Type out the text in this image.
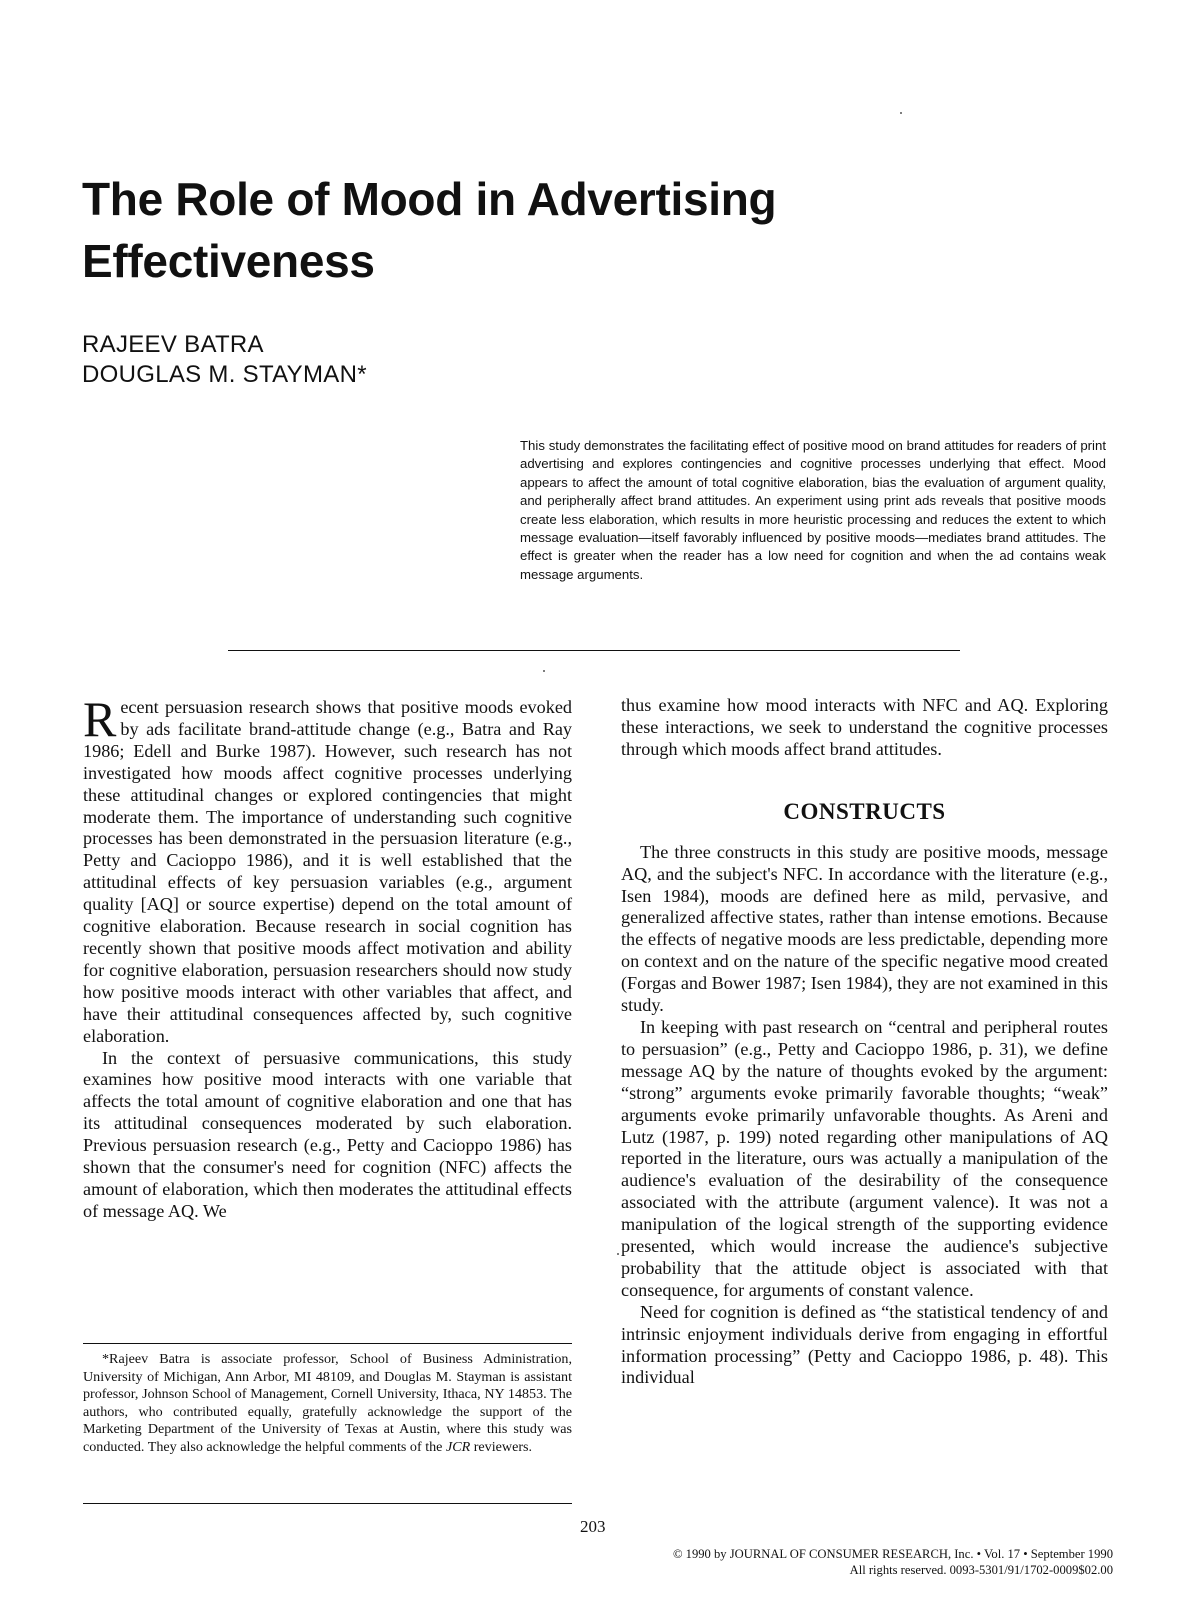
The Role of Mood in Advertising Effectiveness
RAJEEV BATRA
DOUGLAS M. STAYMAN*

This study demonstrates the facilitating effect of positive mood on brand attitudes for readers of print advertising and explores contingencies and cognitive processes underlying that effect. Mood appears to affect the amount of total cognitive elaboration, bias the evaluation of argument quality, and peripherally affect brand attitudes. An experiment using print ads reveals that positive moods create less elaboration, which results in more heuristic processing and reduces the extent to which message evaluation—itself favorably influenced by positive moods—mediates brand attitudes. The effect is greater when the reader has a low need for cognition and when the ad contains weak message arguments.

Recent persuasion research shows that positive moods evoked by ads facilitate brand-attitude change (e.g., Batra and Ray 1986; Edell and Burke 1987). However, such research has not investigated how moods affect cognitive processes underlying these attitudinal changes or explored contingencies that might moderate them. The importance of understanding such cognitive processes has been demonstrated in the persuasion literature (e.g., Petty and Cacioppo 1986), and it is well established that the attitudinal effects of key persuasion variables (e.g., argument quality [AQ] or source expertise) depend on the total amount of cognitive elaboration. Because research in social cognition has recently shown that positive moods affect motivation and ability for cognitive elaboration, persuasion researchers should now study how positive moods interact with other variables that affect, and have their attitudinal consequences affected by, such cognitive elaboration.

In the context of persuasive communications, this study examines how positive mood interacts with one variable that affects the total amount of cognitive elaboration and one that has its attitudinal consequences moderated by such elaboration. Previous persuasion research (e.g., Petty and Cacioppo 1986) has shown that the consumer's need for cognition (NFC) affects the amount of elaboration, which then moderates the attitudinal effects of message AQ. We

thus examine how mood interacts with NFC and AQ. Exploring these interactions, we seek to understand the cognitive processes through which moods affect brand attitudes.

CONSTRUCTS

The three constructs in this study are positive moods, message AQ, and the subject's NFC. In accordance with the literature (e.g., Isen 1984), moods are defined here as mild, pervasive, and generalized affective states, rather than intense emotions. Because the effects of negative moods are less predictable, depending more on context and on the nature of the specific negative mood created (Forgas and Bower 1987; Isen 1984), they are not examined in this study.

In keeping with past research on “central and peripheral routes to persuasion” (e.g., Petty and Cacioppo 1986, p. 31), we define message AQ by the nature of thoughts evoked by the argument: “strong” arguments evoke primarily favorable thoughts; “weak” arguments evoke primarily unfavorable thoughts. As Areni and Lutz (1987, p. 199) noted regarding other manipulations of AQ reported in the literature, ours was actually a manipulation of the audience's evaluation of the desirability of the consequence associated with the attribute (argument valence). It was not a manipulation of the logical strength of the supporting evidence presented, which would increase the audience's subjective probability that the attitude object is associated with that consequence, for arguments of constant valence.

Need for cognition is defined as “the statistical tendency of and intrinsic enjoyment individuals derive from engaging in effortful information processing” (Petty and Cacioppo 1986, p. 48). This individual

*Rajeev Batra is associate professor, School of Business Administration, University of Michigan, Ann Arbor, MI 48109, and Douglas M. Stayman is assistant professor, Johnson School of Management, Cornell University, Ithaca, NY 14853. The authors, who contributed equally, gratefully acknowledge the support of the Marketing Department of the University of Texas at Austin, where this study was conducted. They also acknowledge the helpful comments of the JCR reviewers.

203
© 1990 by JOURNAL OF CONSUMER RESEARCH, Inc. • Vol. 17 • September 1990
All rights reserved. 0093-5301/91/1702-0009$02.00
